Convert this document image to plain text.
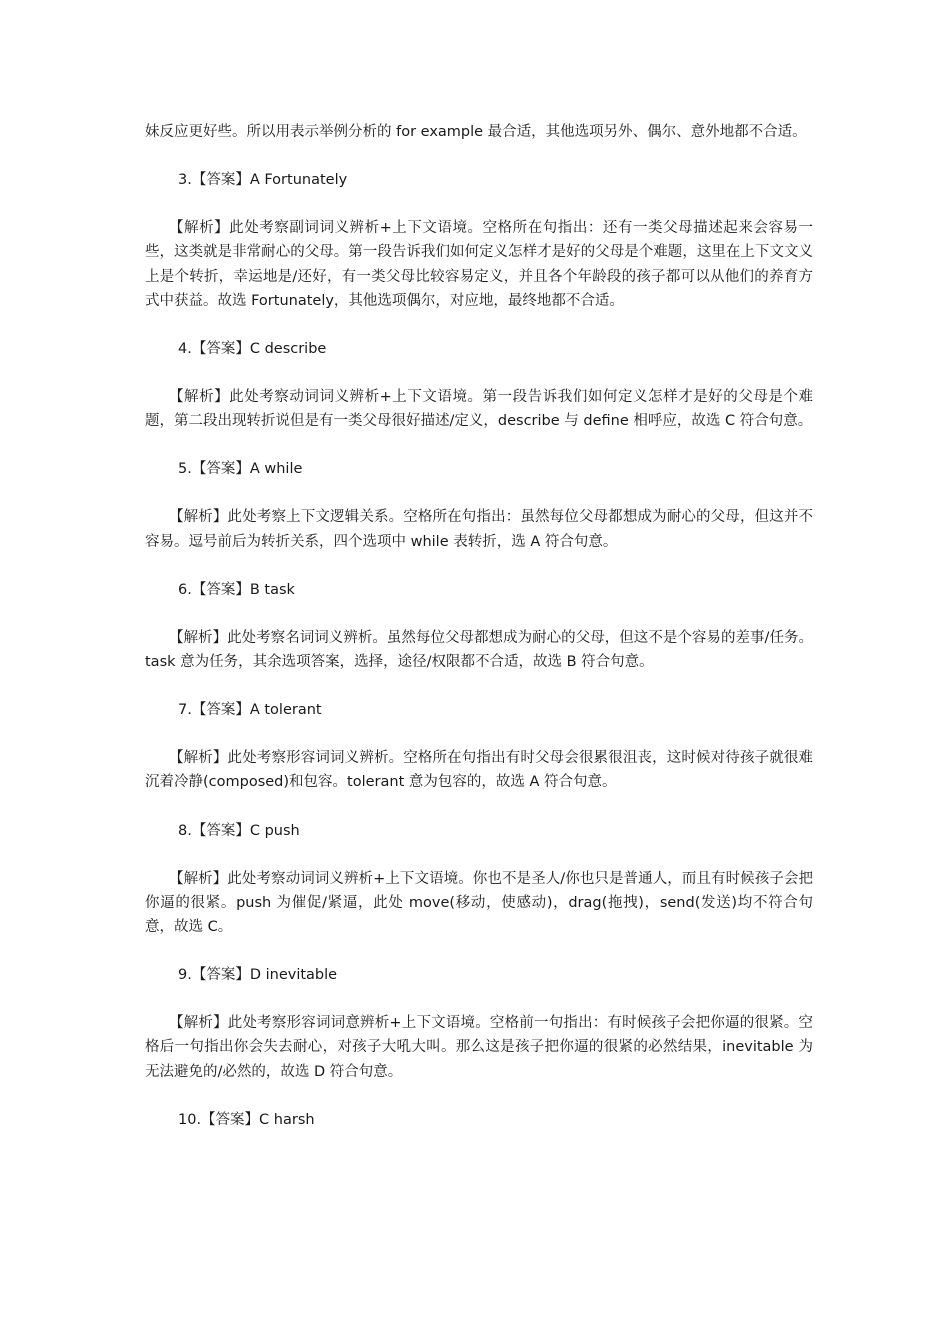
妹反应更好些。所以用表示举例分析的 for example 最合适，其他选项另外、偶尔、意外地都不合适。

3.【答案】A Fortunately

【解析】此处考察副词词义辨析+上下文语境。空格所在句指出：还有一类父母描述起来会容易一些，这类就是非常耐心的父母。第一段告诉我们如何定义怎样才是好的父母是个难题，这里在上下文文义上是个转折，幸运地是/还好，有一类父母比较容易定义，并且各个年龄段的孩子都可以从他们的养育方式中获益。故选 Fortunately，其他选项偶尔，对应地，最终地都不合适。

4.【答案】C describe

【解析】此处考察动词词义辨析+上下文语境。第一段告诉我们如何定义怎样才是好的父母是个难题，第二段出现转折说但是有一类父母很好描述/定义，describe 与 define 相呼应，故选 C 符合句意。

5.【答案】A while

【解析】此处考察上下文逻辑关系。空格所在句指出：虽然每位父母都想成为耐心的父母，但这并不容易。逗号前后为转折关系，四个选项中 while 表转折，选 A 符合句意。

6.【答案】B task

【解析】此处考察名词词义辨析。虽然每位父母都想成为耐心的父母，但这不是个容易的差事/任务。task 意为任务，其余选项答案，选择，途径/权限都不合适，故选 B 符合句意。

7.【答案】A tolerant

【解析】此处考察形容词词义辨析。空格所在句指出有时父母会很累很沮丧，这时候对待孩子就很难沉着冷静(composed)和包容。tolerant 意为包容的，故选 A 符合句意。

8.【答案】C push

【解析】此处考察动词词义辨析+上下文语境。你也不是圣人/你也只是普通人，而且有时候孩子会把你逼的很紧。push 为催促/紧逼，此处 move(移动，使感动)，drag(拖拽)，send(发送)均不符合句意，故选 C。

9.【答案】D inevitable

【解析】此处考察形容词词意辨析+上下文语境。空格前一句指出：有时候孩子会把你逼的很紧。空格后一句指出你会失去耐心，对孩子大吼大叫。那么这是孩子把你逼的很紧的必然结果，inevitable 为无法避免的/必然的，故选 D 符合句意。

10.【答案】C harsh
